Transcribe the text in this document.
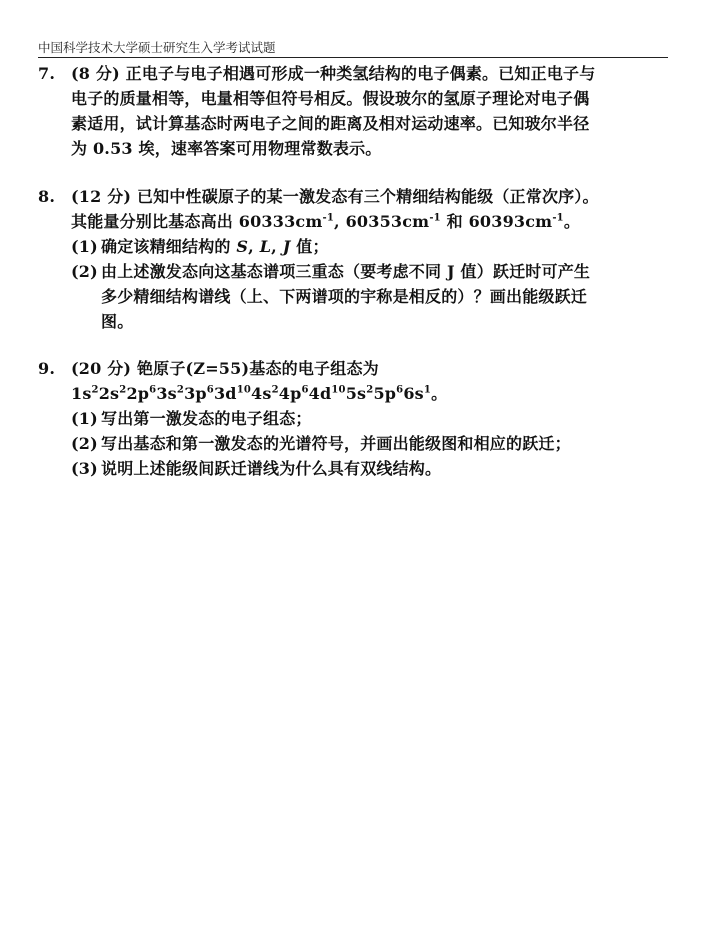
中国科学技术大学硕士研究生入学考试试题
7. (8 分) 正电子与电子相遇可形成一种类氢结构的电子偶素。已知正电子与
电子的质量相等，电量相等但符号相反。假设玻尔的氢原子理论对电子偶
素适用，试计算基态时两电子之间的距离及相对运动速率。已知玻尔半径
为 0.53 埃，速率答案可用物理常数表示。
8. (12 分) 已知中性碳原子的某一激发态有三个精细结构能级（正常次序）。
其能量分别比基态高出 $60333cm^{-1}$, $60353cm^{-1}$ 和 $60393cm^{-1}$。
(1) 确定该精细结构的 S, L, J 值；
(2) 由上述激发态向这基态谱项三重态（要考虑不同 J 值）跃迁时可产生
多少精细结构谱线（上、下两谱项的宇称是相反的）？画出能级跃迁
图。
9. (20 分) 铯原子(Z=55)基态的电子组态为
$1s^22s^22p^63s^23p^63d^{10}4s^24p^64d^{10}5s^25p^66s^1$。
(1) 写出第一激发态的电子组态；
(2) 写出基态和第一激发态的光谱符号，并画出能级图和相应的跃迁；
(3) 说明上述能级间跃迁谱线为什么具有双线结构。
